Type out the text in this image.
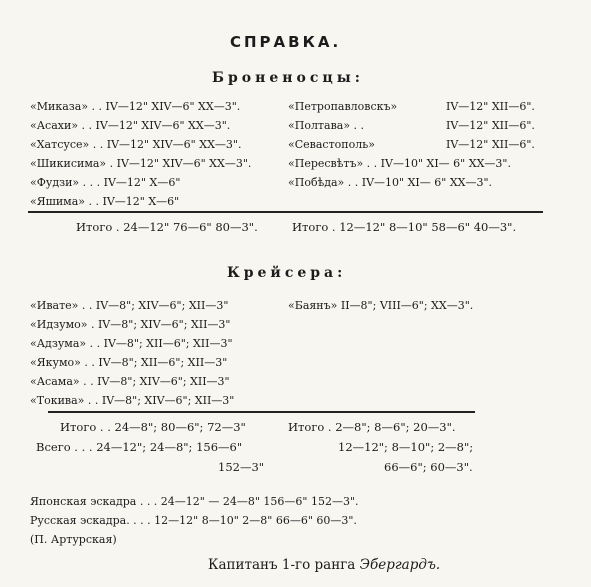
СПРАВКА.
Броненосцы:
«Миказа» . . IV—12" XIV—6" XX—3".
«Асахи» . . IV—12" XIV—6" XX—3".
«Хатсусе» . . IV—12" XIV—6" XX—3".
«Шикисима» . IV—12" XIV—6" XX—3".
«Фудзи» . . . IV—12" X—6"
«Яшима» . . IV—12" X—6"
«Петропавловскъ»	IV—12" XII—6".
«Полтава» . .	IV—12" XII—6".
«Севастополь»	IV—12" XII—6".
«Пересвѣтъ» . . IV—10" XI— 6" XX—3".
«Побѣда» . . IV—10" XI— 6" XX—3".
Итого . 24—12" 76—6" 80—3".	Итого . 12—12" 8—10" 58—6" 40—3".
Крейсера:
«Ивате» . . IV—8"; XIV—6"; XII—3"
«Идзумо» . IV—8"; XIV—6"; XII—3"
«Адзума» . . IV—8"; XII—6"; XII—3"
«Якумо» . . IV—8"; XII—6"; XII—3"
«Асама» . . IV—8"; XIV—6"; XII—3"
«Токива» . . IV—8"; XIV—6"; XII—3"
«Баянъ» II—8"; VIII—6"; XX—3".
Итого . . 24—8"; 80—6"; 72—3"
Всего . . . 24—12"; 24—8"; 156—6"
152—3"
Итого . 2—8"; 8—6"; 20—3".
12—12"; 8—10"; 2—8";
66—6"; 60—3".
Японская эскадра . . . 24—12" — 24—8" 156—6" 152—3".
Русская эскадра. . . . 12—12" 8—10" 2—8" 66—6" 60—3".
(П. Артурская)
Капитанъ 1-го ранга Эбергардъ.
